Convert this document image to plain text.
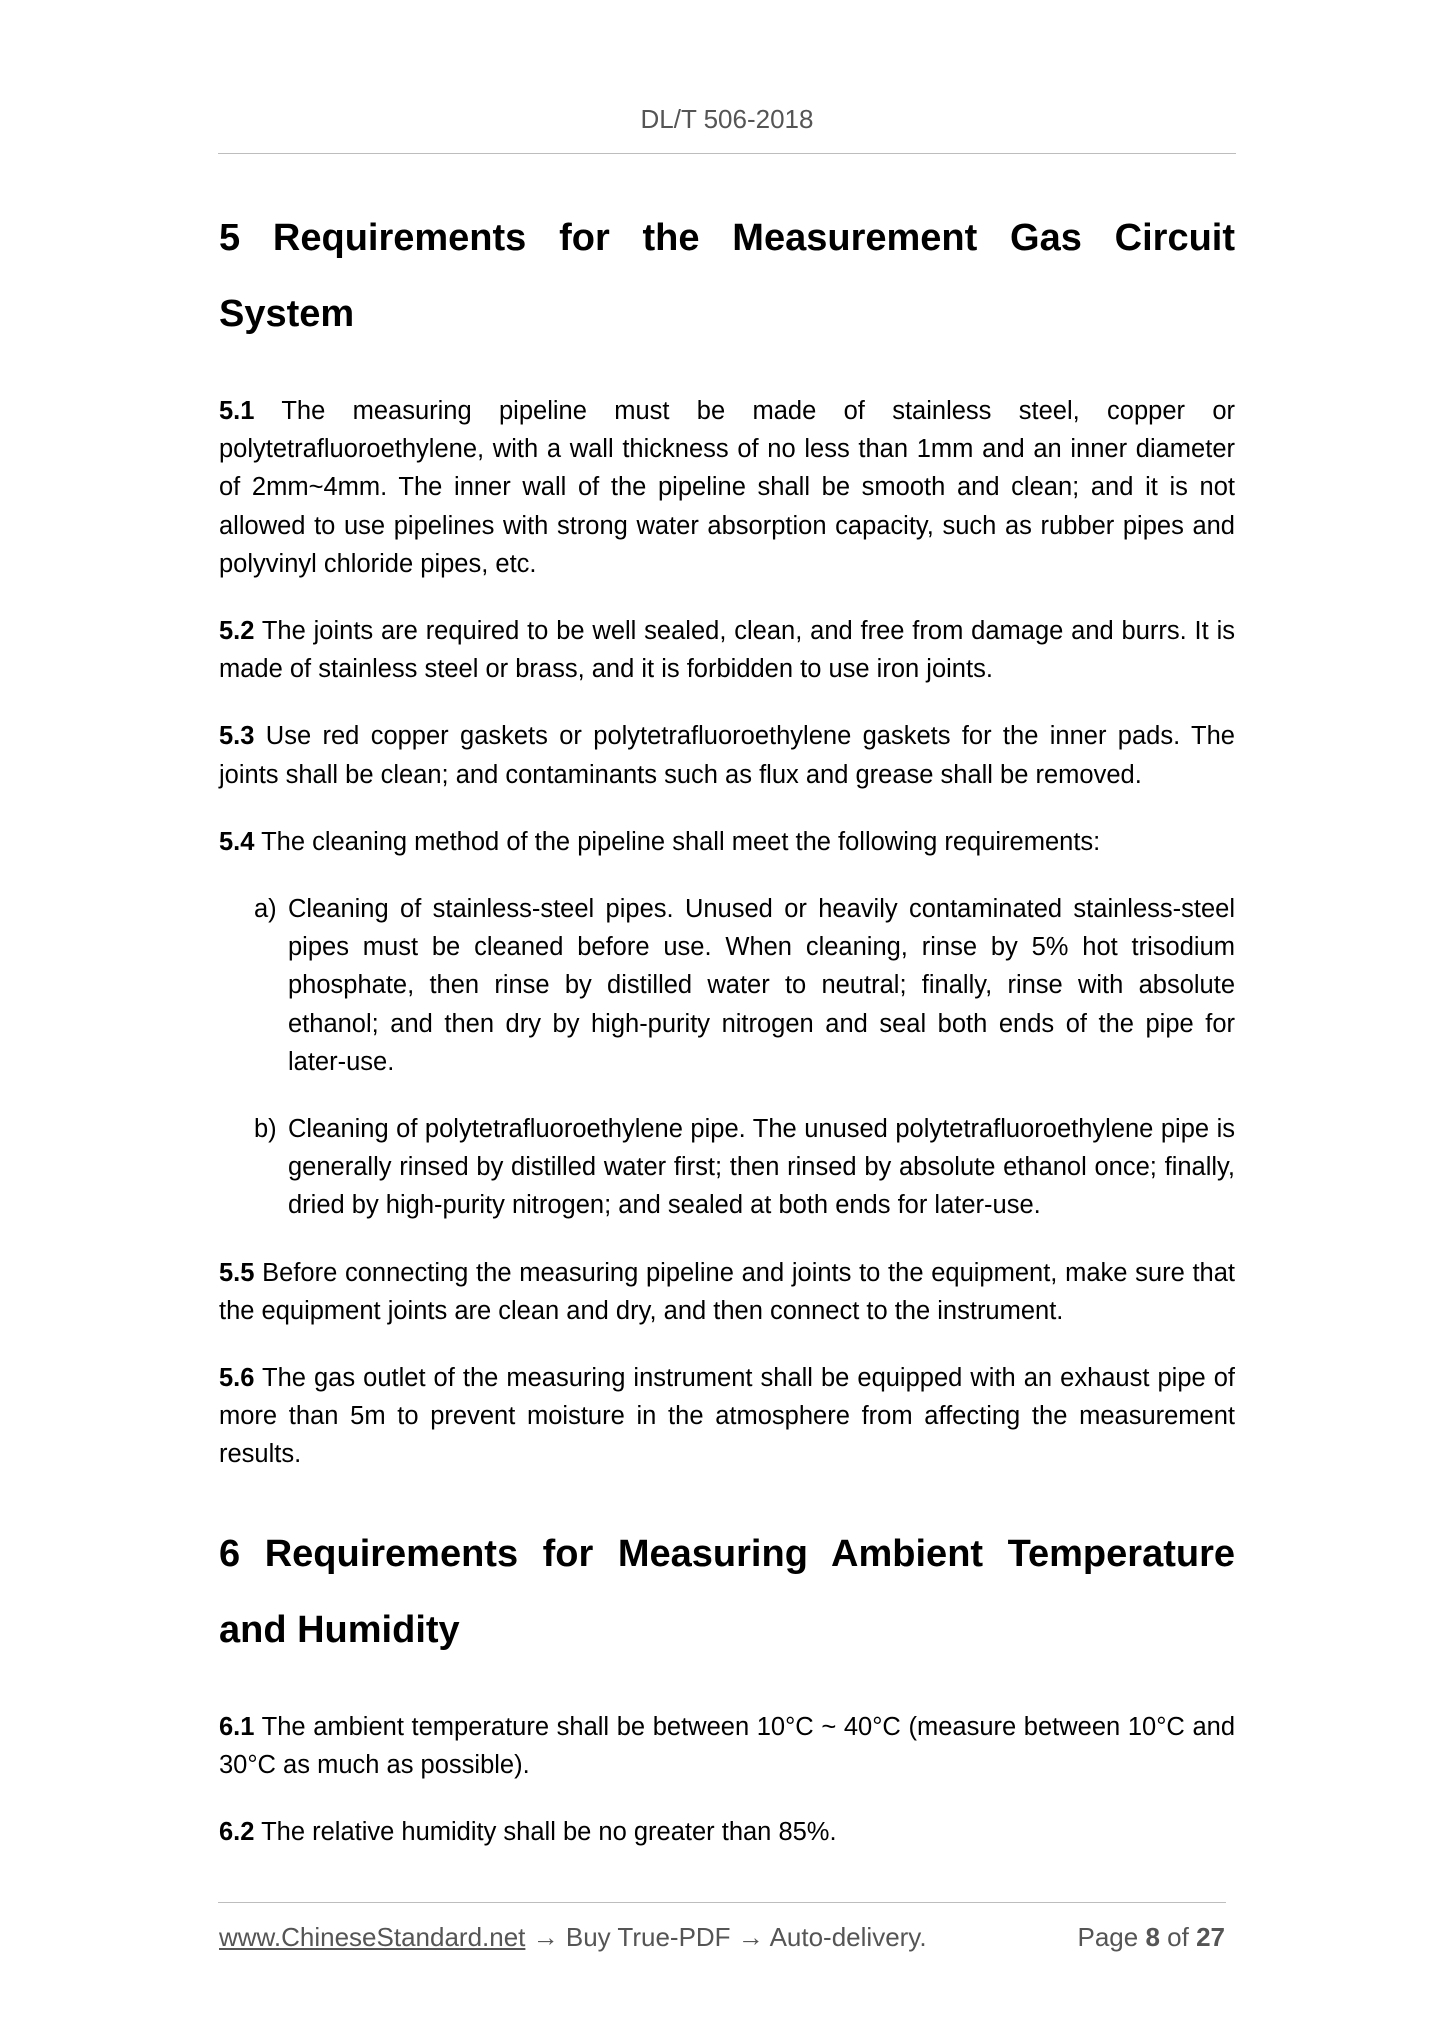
DL/T 506-2018
5 Requirements for the Measurement Gas Circuit System

5.1 The measuring pipeline must be made of stainless steel, copper or polytetrafluoroethylene, with a wall thickness of no less than 1mm and an inner diameter of 2mm~4mm. The inner wall of the pipeline shall be smooth and clean; and it is not allowed to use pipelines with strong water absorption capacity, such as rubber pipes and polyvinyl chloride pipes, etc.

5.2 The joints are required to be well sealed, clean, and free from damage and burrs. It is made of stainless steel or brass, and it is forbidden to use iron joints.

5.3 Use red copper gaskets or polytetrafluoroethylene gaskets for the inner pads. The joints shall be clean; and contaminants such as flux and grease shall be removed.

5.4 The cleaning method of the pipeline shall meet the following requirements:

a) Cleaning of stainless-steel pipes. Unused or heavily contaminated stainless-steel pipes must be cleaned before use. When cleaning, rinse by 5% hot trisodium phosphate, then rinse by distilled water to neutral; finally, rinse with absolute ethanol; and then dry by high-purity nitrogen and seal both ends of the pipe for later-use.

b) Cleaning of polytetrafluoroethylene pipe. The unused polytetrafluoroethylene pipe is generally rinsed by distilled water first; then rinsed by absolute ethanol once; finally, dried by high-purity nitrogen; and sealed at both ends for later-use.

5.5 Before connecting the measuring pipeline and joints to the equipment, make sure that the equipment joints are clean and dry, and then connect to the instrument.

5.6 The gas outlet of the measuring instrument shall be equipped with an exhaust pipe of more than 5m to prevent moisture in the atmosphere from affecting the measurement results.

6 Requirements for Measuring Ambient Temperature and Humidity

6.1 The ambient temperature shall be between 10°C ~ 40°C (measure between 10°C and 30°C as much as possible).

6.2 The relative humidity shall be no greater than 85%.

www.ChineseStandard.net → Buy True-PDF → Auto-delivery.	Page 8 of 27
